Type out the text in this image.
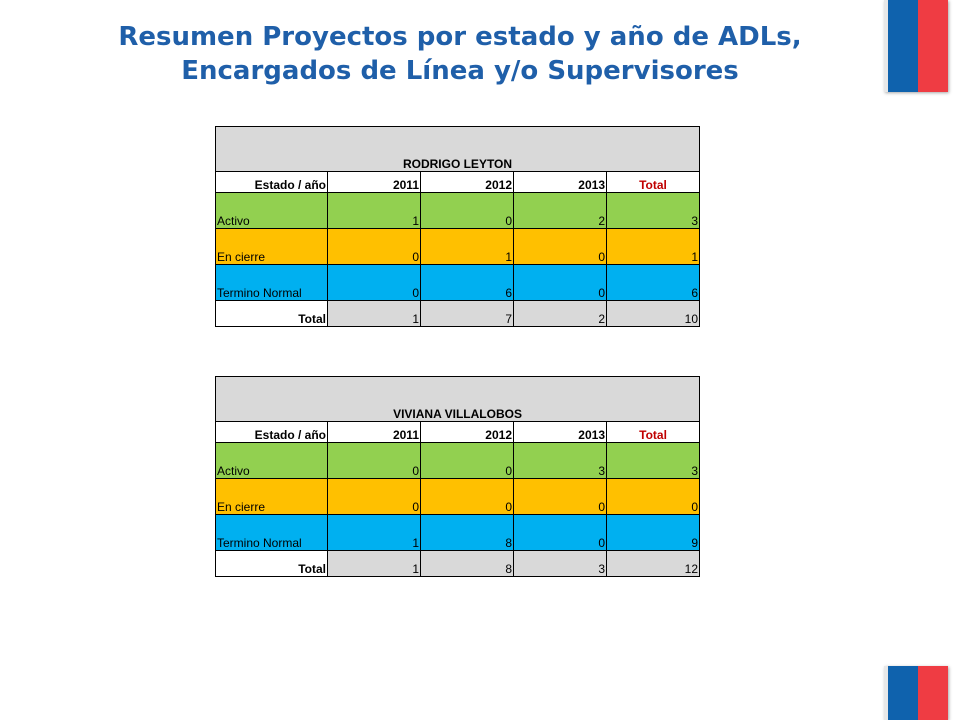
Resumen Proyectos por estado y año de ADLs,
Encargados de Línea y/o Supervisores
RODRIGO LEYTON				
Estado / año	2011	2012	2013	Total
Activo	1	0	2	3
En cierre	0	1	0	1
Termino Normal	0	6	0	6
Total	1	7	2	10
VIVIANA VILLALOBOS				
Estado / año	2011	2012	2013	Total
Activo	0	0	3	3
En cierre	0	0	0	0
Termino Normal	1	8	0	9
Total	1	8	3	12
